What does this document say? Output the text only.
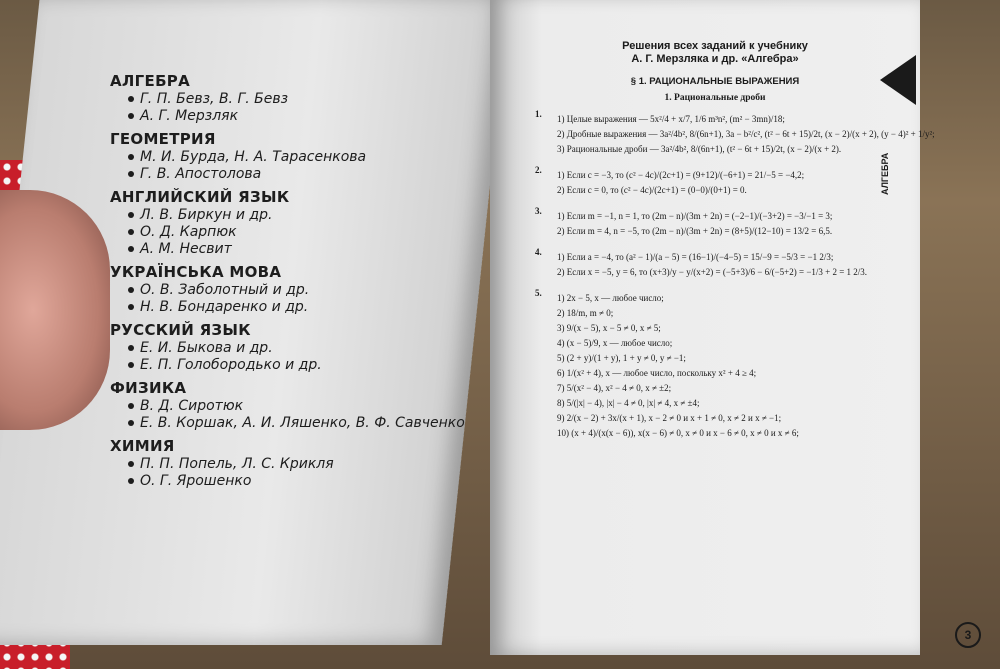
АЛГЕБРА
Г. П. Бевз, В. Г. Бевз
А. Г. Мерзляк
ГЕОМЕТРИЯ
М. И. Бурда, Н. А. Тарасенкова
Г. В. Апостолова
АНГЛИЙСКИЙ ЯЗЫК
Л. В. Биркун и др.
О. Д. Карпюк
А. М. Несвит
УКРАЇНСЬКА МОВА
О. В. Заболотный и др.
Н. В. Бондаренко и др.
РУССКИЙ ЯЗЫК
Е. И. Быкова и др.
Е. П. Голобородько и др.
ФИЗИКА
В. Д. Сиротюк
Е. В. Коршак, А. И. Ляшенко, В. Ф. Савченко
ХИМИЯ
П. П. Попель, Л. С. Крикля
О. Г. Ярошенко
Решения всех заданий к учебнику
А. Г. Мерзляка и др. «Алгебра»
§ 1. РАЦИОНАЛЬНЫЕ ВЫРАЖЕНИЯ
1. Рациональные дроби
1.	1) Целые выражения — 5x²/4 + x/7, 1/6 m³n², (m² − 3mn)/18;
2) Дробные выражения — 3a²/4b², 8/(6n+1), 3a − b²/c², (t² − 6t + 15)/2t, (x − 2)/(x + 2), (y − 4)² + 1/y²;
3) Рациональные дроби — 3a²/4b², 8/(6n+1), (t² − 6t + 15)/2t, (x − 2)/(x + 2).
2.	1) Если c = −3, то (c² − 4c)/(2c+1) = (9+12)/(−6+1) = 21/−5 = −4,2;
2) Если c = 0, то (c² − 4c)/(2c+1) = (0−0)/(0+1) = 0.
3.	1) Если m = −1, n = 1, то (2m − n)/(3m + 2n) = (−2−1)/(−3+2) = −3/−1 = 3;
2) Если m = 4, n = −5, то (2m − n)/(3m + 2n) = (8+5)/(12−10) = 13/2 = 6,5.
4.	1) Если a = −4, то (a² − 1)/(a − 5) = (16−1)/(−4−5) = 15/−9 = −5/3 = −1 2/3;
2) Если x = −5, y = 6, то (x+3)/y − y/(x+2) = (−5+3)/6 − 6/(−5+2) = −1/3 + 2 = 1 2/3.
5.	1) 2x − 5, x — любое число;
2) 18/m, m ≠ 0;
3) 9/(x − 5), x − 5 ≠ 0, x ≠ 5;
4) (x − 5)/9, x — любое число;
5) (2 + y)/(1 + y), 1 + y ≠ 0, y ≠ −1;
6) 1/(x² + 4), x — любое число, поскольку x² + 4 ≥ 4;
7) 5/(x² − 4), x² − 4 ≠ 0, x ≠ ±2;
8) 5/(|x| − 4), |x| − 4 ≠ 0, |x| ≠ 4, x ≠ ±4;
9) 2/(x − 2) + 3x/(x + 1), x − 2 ≠ 0 и x + 1 ≠ 0, x ≠ 2 и x ≠ −1;
10) (x + 4)/(x(x − 6)), x(x − 6) ≠ 0, x ≠ 0 и x − 6 ≠ 0, x ≠ 0 и x ≠ 6;
АЛГЕБРА
3
